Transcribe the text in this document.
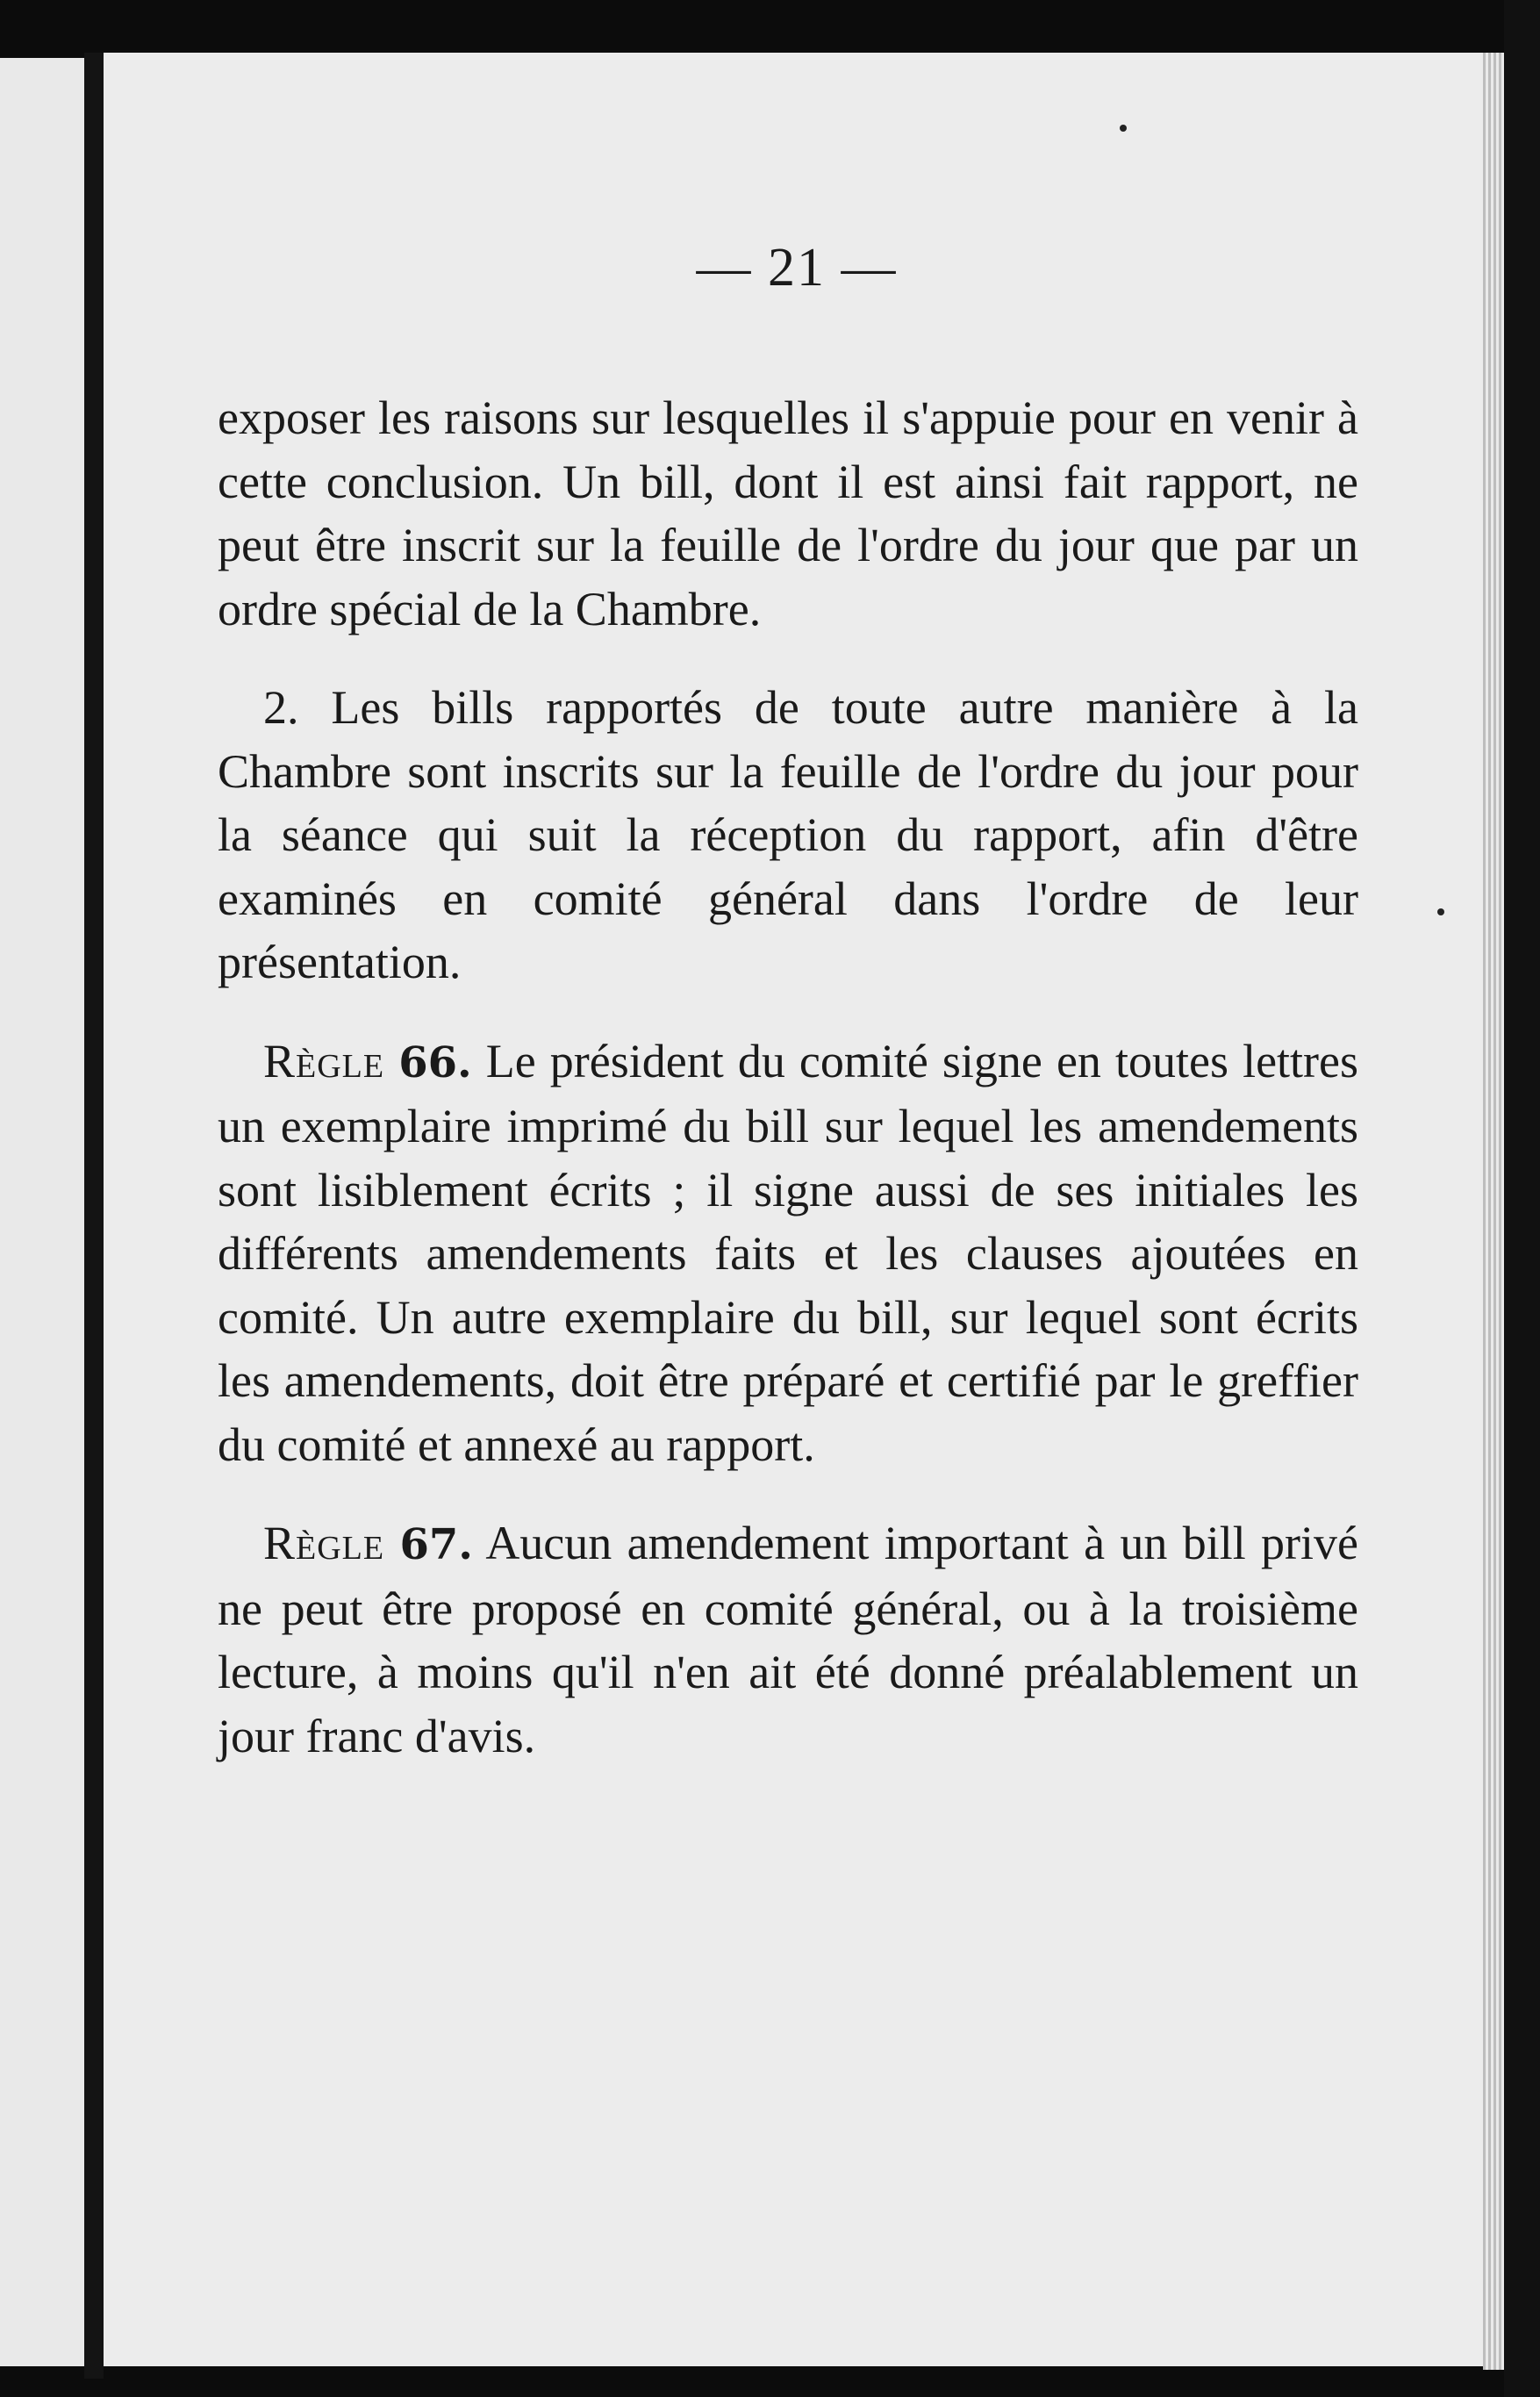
— 21 —

exposer les raisons sur lesquelles il s'appuie pour en venir à cette conclusion. Un bill, dont il est ainsi fait rapport, ne peut être inscrit sur la feuille de l'ordre du jour que par un ordre spécial de la Chambre.

2. Les bills rapportés de toute autre manière à la Chambre sont inscrits sur la feuille de l'ordre du jour pour la séance qui suit la réception du rapport, afin d'être examinés en comité général dans l'ordre de leur présentation.

Règle 66. Le président du comité signe en toutes lettres un exemplaire imprimé du bill sur lequel les amendements sont lisiblement écrits ; il signe aussi de ses initiales les différents amendements faits et les clauses ajoutées en comité. Un autre exemplaire du bill, sur lequel sont écrits les amendements, doit être préparé et certifié par le greffier du comité et annexé au rapport.

Règle 67. Aucun amendement important à un bill privé ne peut être proposé en comité général, ou à la troisième lecture, à moins qu'il n'en ait été donné préalablement un jour franc d'avis.
